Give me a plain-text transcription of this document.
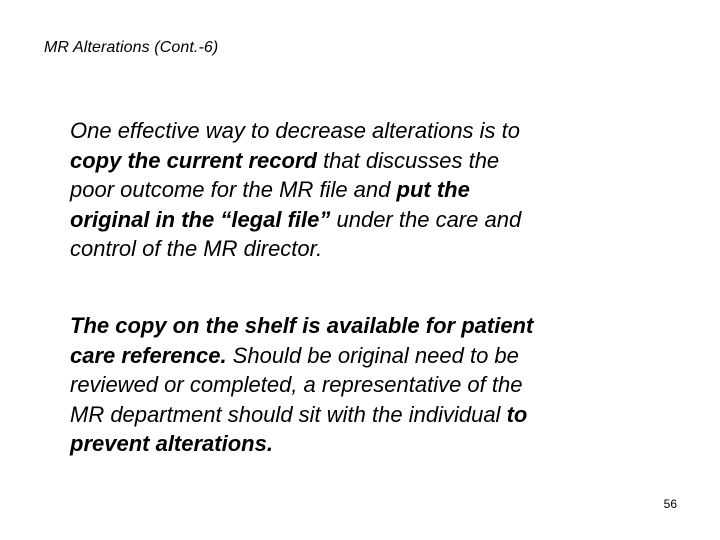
MR Alterations (Cont.-6)
One effective way to decrease alterations is to
copy the current record that discusses the
poor outcome for the MR file and put the
original in the “legal file” under the care and
control of the MR director.
The copy on the shelf is available for patient
care reference. Should be original need to be
reviewed or completed, a representative of the
MR department should sit with the individual to
prevent alterations.
56
